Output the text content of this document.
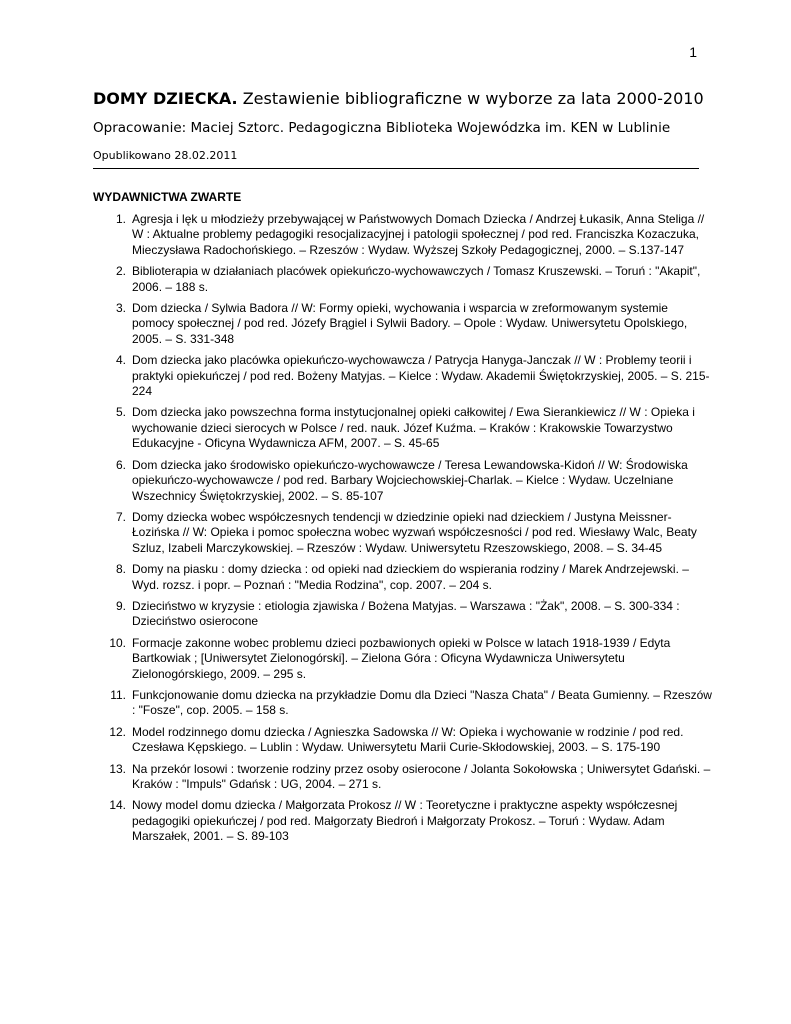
1
DOMY DZIECKA. Zestawienie bibliograficzne w wyborze za lata 2000-2010
Opracowanie: Maciej Sztorc. Pedagogiczna Biblioteka Wojewódzka im. KEN w Lublinie
Opublikowano 28.02.2011
WYDAWNICTWA ZWARTE
1. Agresja i lęk u młodzieży przebywającej w Państwowych Domach Dziecka / Andrzej Łukasik, Anna Steliga // W : Aktualne problemy pedagogiki resocjalizacyjnej i patologii społecznej / pod red. Franciszka Kozaczuka, Mieczysława Radochońskiego. – Rzeszów : Wydaw. Wyższej Szkoły Pedagogicznej, 2000. – S.137-147
2. Biblioterapia w działaniach placówek opiekuńczo-wychowawczych / Tomasz Kruszewski. – Toruń : "Akapit", 2006. – 188 s.
3. Dom dziecka / Sylwia Badora // W: Formy opieki, wychowania i wsparcia w zreformowanym systemie pomocy społecznej / pod red. Józefy Brągiel i Sylwii Badory. – Opole : Wydaw. Uniwersytetu Opolskiego, 2005. – S. 331-348
4. Dom dziecka jako placówka opiekuńczo-wychowawcza / Patrycja Hanyga-Janczak // W : Problemy teorii i praktyki opiekuńczej / pod red. Bożeny Matyjas. – Kielce : Wydaw. Akademii Świętokrzyskiej, 2005. – S. 215-224
5. Dom dziecka jako powszechna forma instytucjonalnej opieki całkowitej / Ewa Sierankiewicz // W : Opieka i wychowanie dzieci sierocych w Polsce / red. nauk. Józef Kuźma. – Kraków : Krakowskie Towarzystwo Edukacyjne - Oficyna Wydawnicza AFM, 2007. – S. 45-65
6. Dom dziecka jako środowisko opiekuńczo-wychowawcze / Teresa Lewandowska-Kidoń // W: Środowiska opiekuńczo-wychowawcze / pod red. Barbary Wojciechowskiej-Charlak. – Kielce : Wydaw. Uczelniane Wszechnicy Świętokrzyskiej, 2002. – S. 85-107
7. Domy dziecka wobec współczesnych tendencji w dziedzinie opieki nad dzieckiem / Justyna Meissner-Łozińska // W: Opieka i pomoc społeczna wobec wyzwań współczesności / pod red. Wiesławy Walc, Beaty Szluz, Izabeli Marczykowskiej. – Rzeszów : Wydaw. Uniwersytetu Rzeszowskiego, 2008. – S. 34-45
8. Domy na piasku : domy dziecka : od opieki nad dzieckiem do wspierania rodziny / Marek Andrzejewski. – Wyd. rozsz. i popr. – Poznań : "Media Rodzina", cop. 2007. – 204 s.
9. Dzieciństwo w kryzysie : etiologia zjawiska / Bożena Matyjas. – Warszawa : "Żak", 2008. – S. 300-334 : Dzieciństwo osierocone
10. Formacje zakonne wobec problemu dzieci pozbawionych opieki w Polsce w latach 1918-1939 / Edyta Bartkowiak ; [Uniwersytet Zielonogórski]. – Zielona Góra : Oficyna Wydawnicza Uniwersytetu Zielonogórskiego, 2009. – 295 s.
11. Funkcjonowanie domu dziecka na przykładzie Domu dla Dzieci "Nasza Chata" / Beata Gumienny. – Rzeszów : "Fosze", cop. 2005. – 158 s.
12. Model rodzinnego domu dziecka / Agnieszka Sadowska // W: Opieka i wychowanie w rodzinie / pod red. Czesława Kępskiego. – Lublin : Wydaw. Uniwersytetu Marii Curie-Skłodowskiej, 2003. – S. 175-190
13. Na przekór losowi : tworzenie rodziny przez osoby osierocone / Jolanta Sokołowska ; Uniwersytet Gdański. – Kraków : "Impuls" Gdańsk : UG, 2004. – 271 s.
14. Nowy model domu dziecka / Małgorzata Prokosz // W : Teoretyczne i praktyczne aspekty współczesnej pedagogiki opiekuńczej / pod red. Małgorzaty Biedroń i Małgorzaty Prokosz. – Toruń : Wydaw. Adam Marszałek, 2001. – S. 89-103
